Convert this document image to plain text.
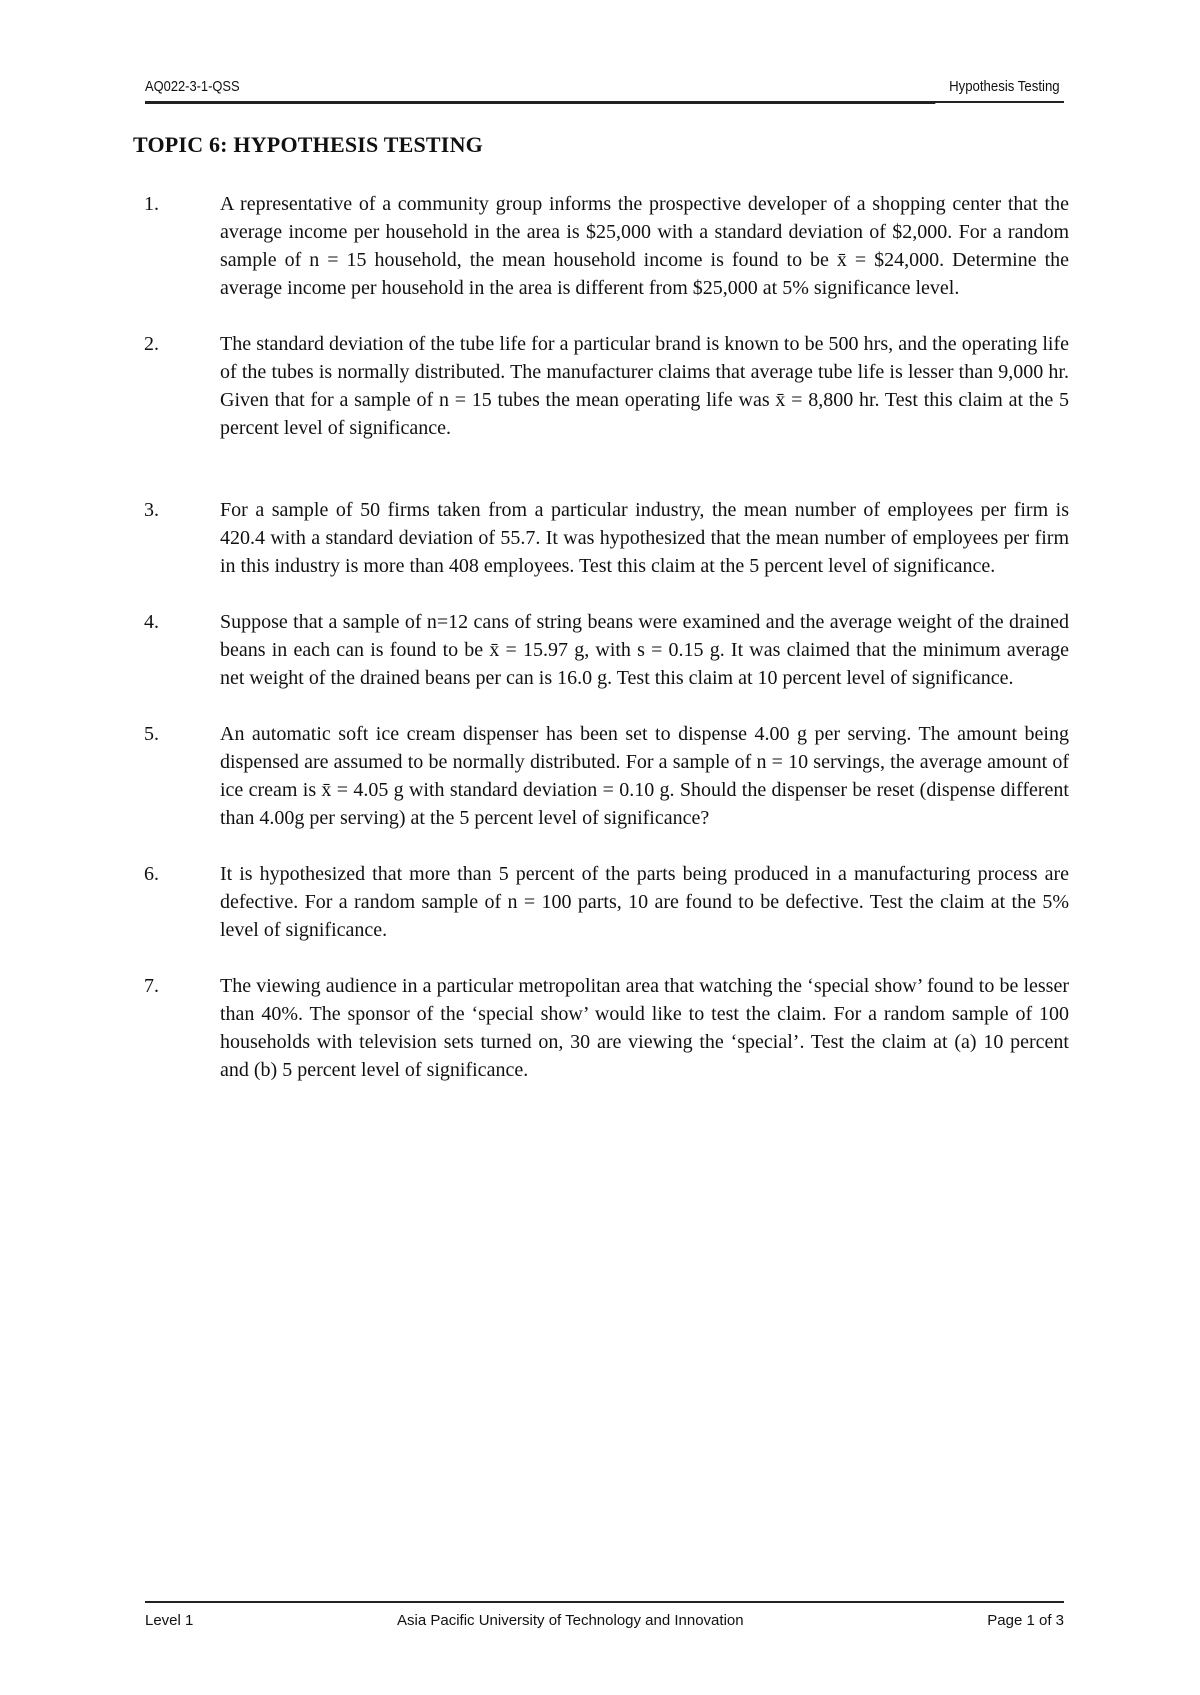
AQ022-3-1-QSS	Hypothesis Testing
TOPIC 6: HYPOTHESIS TESTING
1.	A representative of a community group informs the prospective developer of a shopping center that the average income per household in the area is $25,000 with a standard deviation of $2,000. For a random sample of n = 15 household, the mean household income is found to be x̄ = $24,000. Determine the average income per household in the area is different from $25,000 at 5% significance level.
2.	The standard deviation of the tube life for a particular brand is known to be 500 hrs, and the operating life of the tubes is normally distributed. The manufacturer claims that average tube life is lesser than 9,000 hr. Given that for a sample of n = 15 tubes the mean operating life was x̄ = 8,800 hr. Test this claim at the 5 percent level of significance.
3.	For a sample of 50 firms taken from a particular industry, the mean number of employees per firm is 420.4 with a standard deviation of 55.7. It was hypothesized that the mean number of employees per firm in this industry is more than 408 employees. Test this claim at the 5 percent level of significance.
4.	Suppose that a sample of n=12 cans of string beans were examined and the average weight of the drained beans in each can is found to be x̄ = 15.97 g, with s = 0.15 g. It was claimed that the minimum average net weight of the drained beans per can is 16.0 g. Test this claim at 10 percent level of significance.
5.	An automatic soft ice cream dispenser has been set to dispense 4.00 g per serving. The amount being dispensed are assumed to be normally distributed. For a sample of n = 10 servings, the average amount of ice cream is x̄ = 4.05 g with standard deviation = 0.10 g. Should the dispenser be reset (dispense different than 4.00g per serving) at the 5 percent level of significance?
6.	It is hypothesized that more than 5 percent of the parts being produced in a manufacturing process are defective. For a random sample of n = 100 parts, 10 are found to be defective. Test the claim at the 5% level of significance.
7.	The viewing audience in a particular metropolitan area that watching the ‘special show’ found to be lesser than 40%. The sponsor of the ‘special show’ would like to test the claim. For a random sample of 100 households with television sets turned on, 30 are viewing the ‘special’. Test the claim at (a) 10 percent and (b) 5 percent level of significance.
Level 1	Asia Pacific University of Technology and Innovation	Page 1 of 3
